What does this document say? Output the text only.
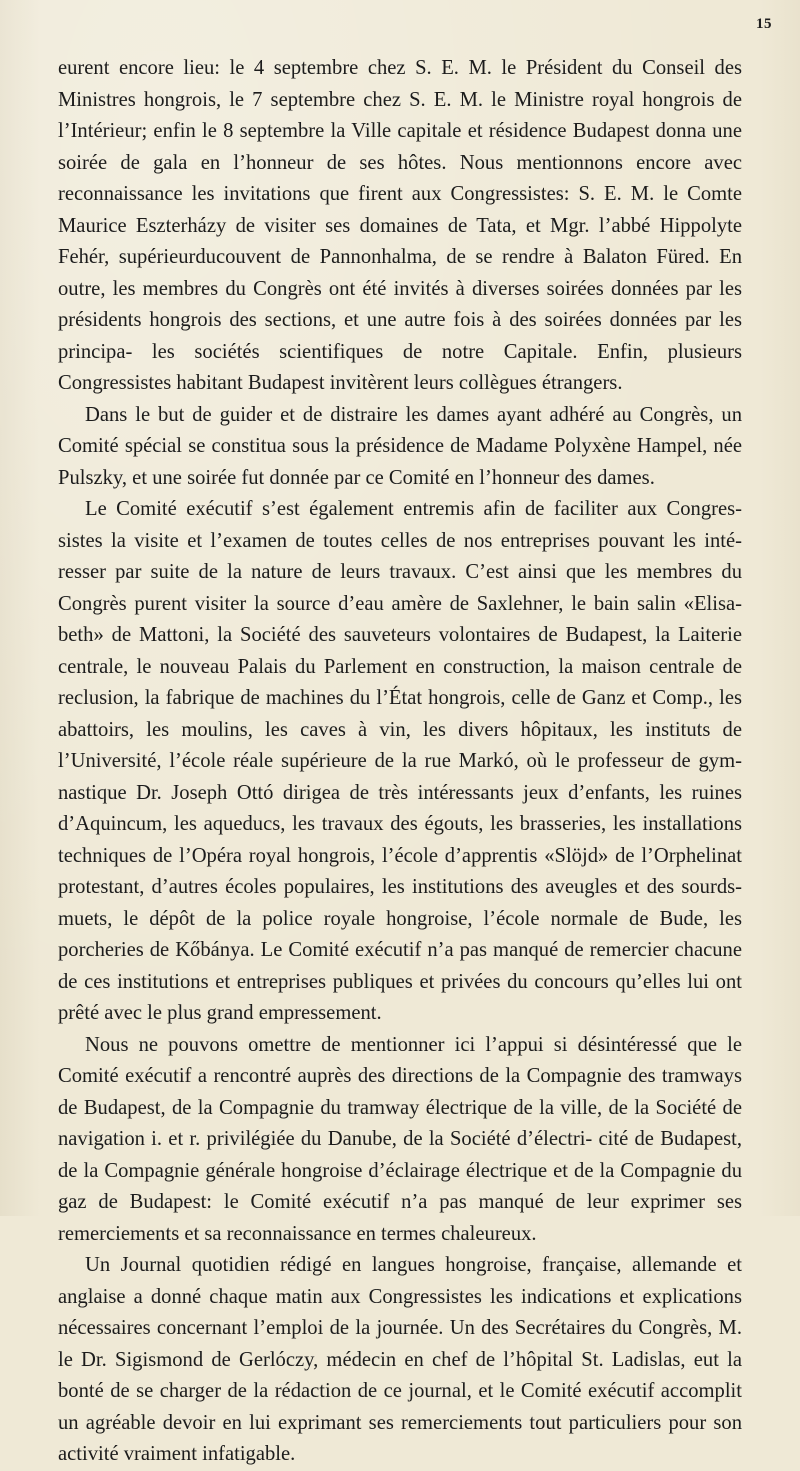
15

eurent encore lieu: le 4 septembre chez S. E. M. le Président du Conseil des Ministres hongrois, le 7 septembre chez S. E. M. le Ministre royal hongrois de l’Intérieur; enfin le 8 septembre la Ville capitale et résidence Budapest donna une soirée de gala en l’honneur de ses hôtes. Nous mentionnons encore avec reconnaissance les invitations que firent aux Congressistes: S. E. M. le Comte Maurice Eszterházy de visiter ses domaines de Tata, et Mgr. l’abbé Hippolyte Fehér, supérieurducouvent de Pannonhalma, de se rendre à Balaton Füred. En outre, les membres du Congrès ont été invités à diverses soirées données par les présidents hongrois des sections, et une autre fois à des soirées données par les principa- les sociétés scientifiques de notre Capitale. Enfin, plusieurs Congressistes habitant Budapest invitèrent leurs collègues étrangers.

Dans le but de guider et de distraire les dames ayant adhéré au Congrès, un Comité spécial se constitua sous la présidence de Madame Polyxène Hampel, née Pulszky, et une soirée fut donnée par ce Comité en l’honneur des dames.

Le Comité exécutif s’est également entremis afin de faciliter aux Congres- sistes la visite et l’examen de toutes celles de nos entreprises pouvant les inté- resser par suite de la nature de leurs travaux. C’est ainsi que les membres du Congrès purent visiter la source d’eau amère de Saxlehner, le bain salin «Elisa- beth» de Mattoni, la Société des sauveteurs volontaires de Budapest, la Laiterie centrale, le nouveau Palais du Parlement en construction, la maison centrale de reclusion, la fabrique de machines du l’État hongrois, celle de Ganz et Comp., les abattoirs, les moulins, les caves à vin, les divers hôpitaux, les instituts de l’Université, l’école réale supérieure de la rue Markó, où le professeur de gym- nastique Dr. Joseph Ottó dirigea de très intéressants jeux d’enfants, les ruines d’Aquincum, les aqueducs, les travaux des égouts, les brasseries, les installations techniques de l’Opéra royal hongrois, l’école d’apprentis «Slöjd» de l’Orphelinat protestant, d’autres écoles populaires, les institutions des aveugles et des sourds- muets, le dépôt de la police royale hongroise, l’école normale de Bude, les porcheries de Kőbánya. Le Comité exécutif n’a pas manqué de remercier chacune de ces institutions et entreprises publiques et privées du concours qu’elles lui ont prêté avec le plus grand empressement.

Nous ne pouvons omettre de mentionner ici l’appui si désintéressé que le Comité exécutif a rencontré auprès des directions de la Compagnie des tramways de Budapest, de la Compagnie du tramway électrique de la ville, de la Société de navigation i. et r. privilégiée du Danube, de la Société d’électri- cité de Budapest, de la Compagnie générale hongroise d’éclairage électrique et de la Compagnie du gaz de Budapest: le Comité exécutif n’a pas manqué de leur exprimer ses remerciements et sa reconnaissance en termes chaleureux.

Un Journal quotidien rédigé en langues hongroise, française, allemande et anglaise a donné chaque matin aux Congressistes les indications et explications nécessaires concernant l’emploi de la journée. Un des Secrétaires du Congrès, M. le Dr. Sigismond de Gerlóczy, médecin en chef de l’hôpital St. Ladislas, eut la bonté de se charger de la rédaction de ce journal, et le Comité exécutif accomplit un agréable devoir en lui exprimant ses remerciements tout particuliers pour son activité vraiment infatigable.
